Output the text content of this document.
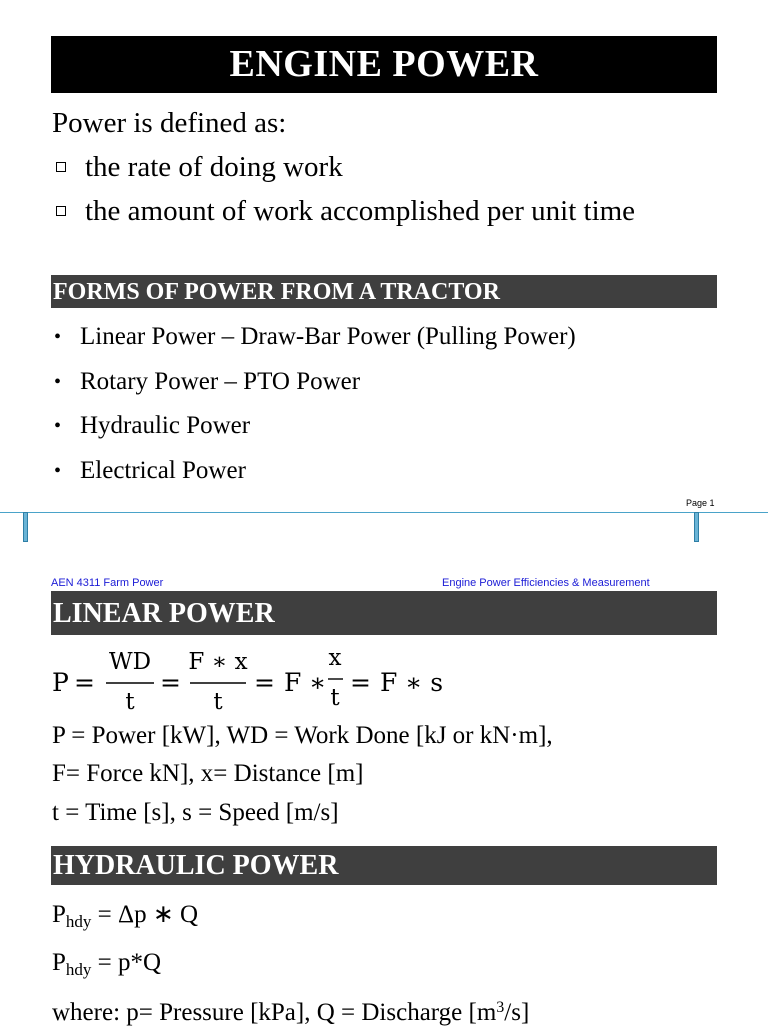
ENGINE POWER
Power is defined as:
the rate of doing work
the amount of work accomplished per unit time
FORMS OF POWER FROM A TRACTOR
• Linear Power – Draw-Bar Power (Pulling Power)
• Rotary Power – PTO Power
• Hydraulic Power
• Electrical Power
Page 1
AEN 4311 Farm Power	Engine Power Efficiencies & Measurement
LINEAR POWER
P =
WD
t
=
F ∗ x
t
= F ∗
x
t
= F ∗ s
P = Power [kW], WD = Work Done [kJ or kN·m],
F= Force kN], x= Distance [m]
t = Time [s], s = Speed [m/s]
HYDRAULIC POWER
$P_{hdy} = \Delta p$ ∗ Q
$P_{hdy} = p*Q$
where: p= Pressure [kPa], Q = Discharge $[m^3/s]$
